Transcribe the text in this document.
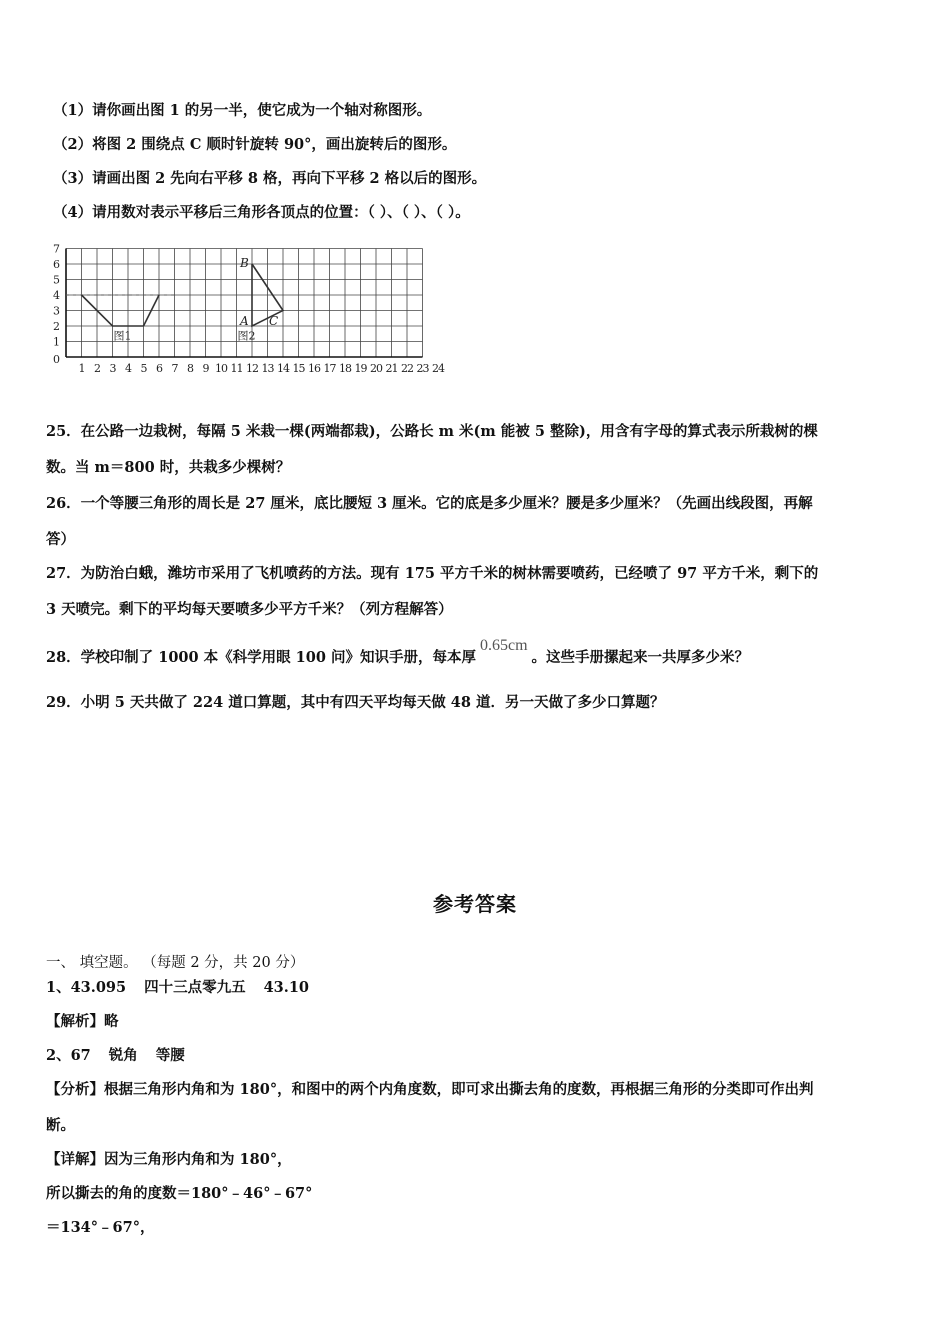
（1）请你画出图 1 的另一半，使它成为一个轴对称图形。
（2）将图 2 围绕点 C 顺时针旋转 90°，画出旋转后的图形。
（3）请画出图 2 先向右平移 8 格，再向下平移 2 格以后的图形。
（4）请用数对表示平移后三角形各顶点的位置：（ ）、（ ）、（ ）。
1 2 3 4 5 6 7 8 9 10 11 12 13 14 15 16 17 18 19 20 21 22 23 24
1
2
3
4
5
6
7
0
图1	图2
B
A C
25．在公路一边栽树，每隔 5 米栽一棵(两端都栽)，公路长 m 米(m 能被 5 整除)，用含有字母的算式表示所栽树的棵
数。当 m＝800 时，共栽多少棵树？
26．一个等腰三角形的周长是 27 厘米，底比腰短 3 厘米。它的底是多少厘米？腰是多少厘米？（先画出线段图，再解
答）
27．为防治白蛾，潍坊市采用了飞机喷药的方法。现有 175 平方千米的树林需要喷药，已经喷了 97 平方千米，剩下的
3 天喷完。剩下的平均每天要喷多少平方千米？（列方程解答）
28．学校印制了 1000 本《科学用眼 100 问》知识手册，每本厚0.65cm。这些手册摞起来一共厚多少米？
29．小明 5 天共做了 224 道口算题，其中有四天平均每天做 48 道．另一天做了多少口算题？
参考答案
一、 填空题。 （每题 2 分，共 20 分）
1、43.095 四十三点零九五 43.10
【解析】略
2、67 锐角 等腰
【分析】根据三角形内角和为 180°，和图中的两个内角度数，即可求出撕去角的度数，再根据三角形的分类即可作出判
断。
【详解】因为三角形内角和为 180°，
所以撕去的角的度数＝180°﹣46°﹣67°
＝134°﹣67°，
